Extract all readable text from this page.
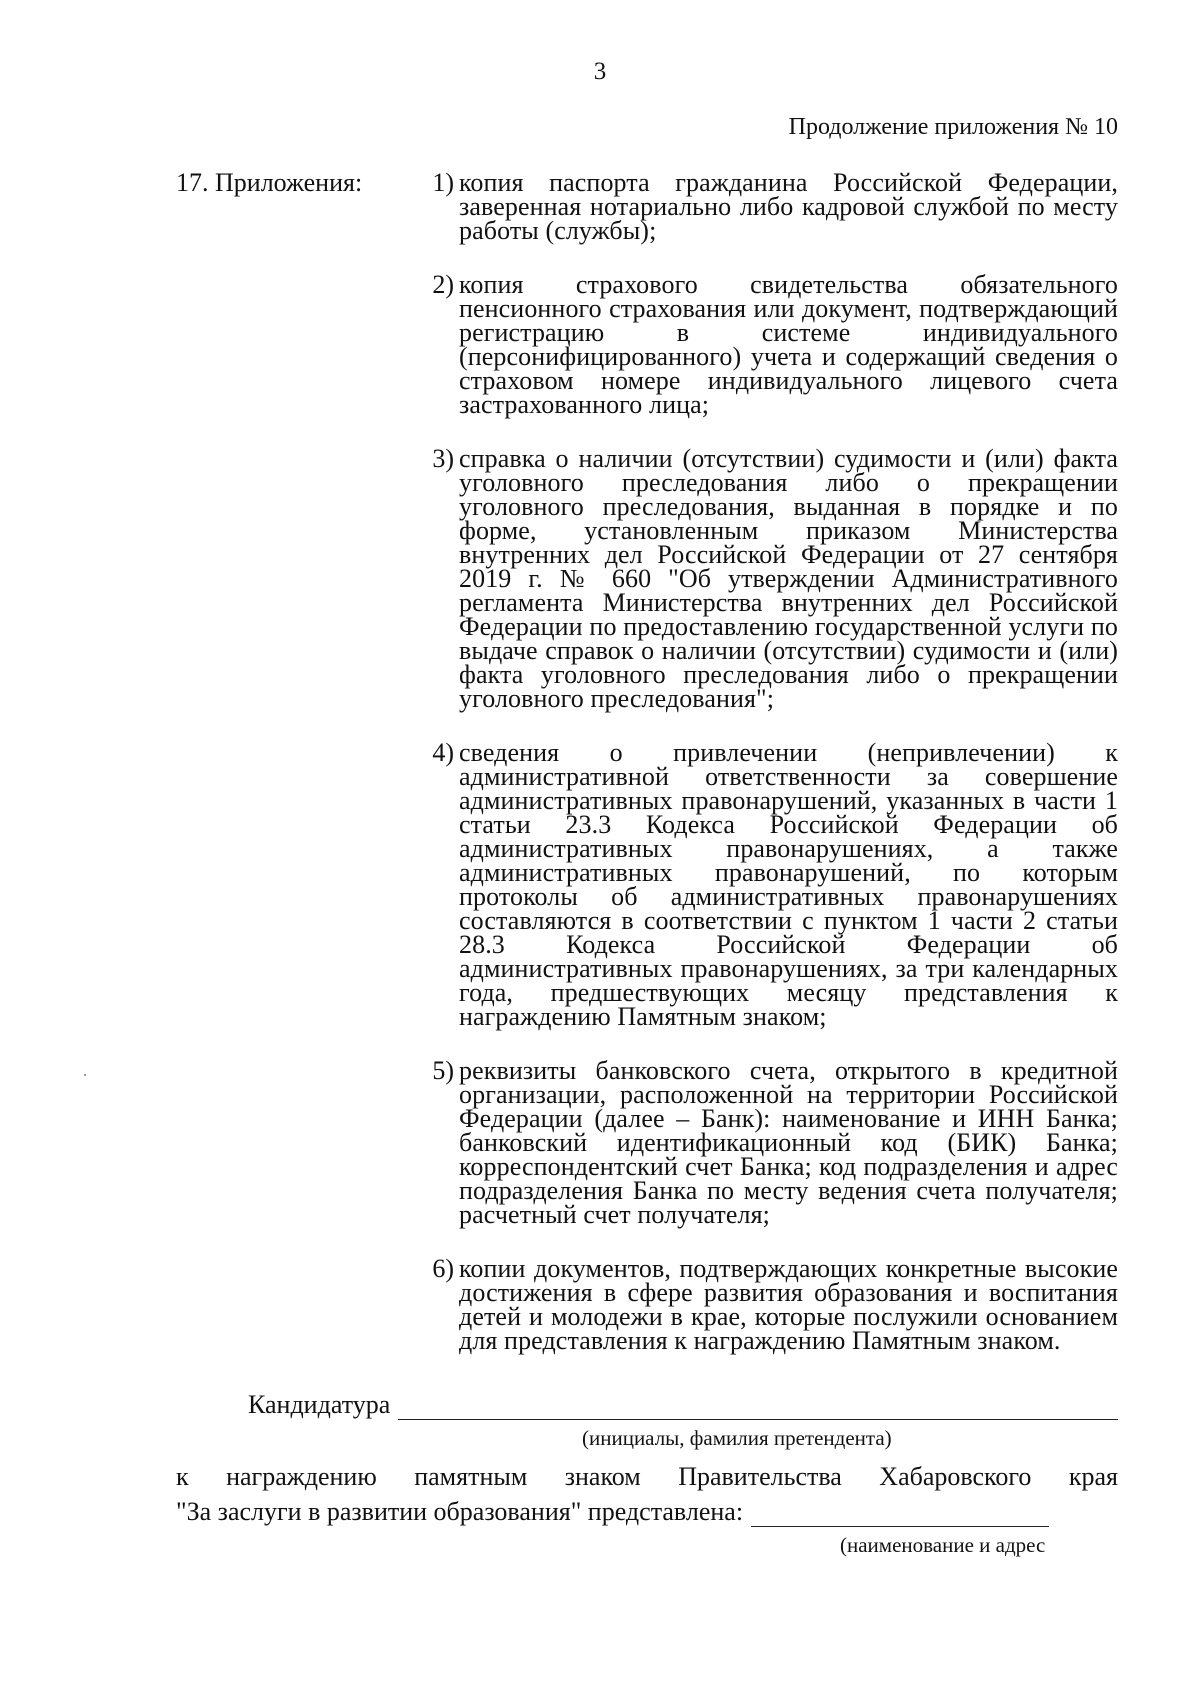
3
Продолжение приложения № 10
17. Приложения:	1) копия паспорта гражданина Российской Федерации, заверенная нотариально либо кадровой службой по месту работы (службы);
2) копия страхового свидетельства обязательного пенсионного страхования или документ, подтверждающий регистрацию в системе индивидуального (персонифицированного) учета и содержащий сведения о страховом номере индивидуального лицевого счета застрахованного лица;
3) справка о наличии (отсутствии) судимости и (или) факта уголовного преследования либо о прекращении уголовного преследования, выданная в порядке и по форме, установленным приказом Министерства внутренних дел Российской Федерации от 27 сентября 2019 г. № 660 "Об утверждении Административного регламента Министерства внутренних дел Российской Федерации по предоставлению государственной услуги по выдаче справок о наличии (отсутствии) судимости и (или) факта уголовного преследования либо о прекращении уголовного преследования";
4) сведения о привлечении (непривлечении) к административной ответственности за совершение административных правонарушений, указанных в части 1 статьи 23.3 Кодекса Российской Федерации об административных правонарушениях, а также административных правонарушений, по которым протоколы об административных правонарушениях составляются в соответствии с пунктом 1 части 2 статьи 28.3 Кодекса Российской Федерации об административных правонарушениях, за три календарных года, предшествующих месяцу представления к награждению Памятным знаком;
5) реквизиты банковского счета, открытого в кредитной организации, расположенной на территории Российской Федерации (далее – Банк): наименование и ИНН Банка; банковский идентификационный код (БИК) Банка; корреспондентский счет Банка; код подразделения и адрес подразделения Банка по месту ведения счета получателя; расчетный счет получателя;
6) копии документов, подтверждающих конкретные высокие достижения в сфере развития образования и воспитания детей и молодежи в крае, которые послужили основанием для представления к награждению Памятным знаком.
Кандидатура
(инициалы, фамилия претендента)
к награждению памятным знаком Правительства Хабаровского края
"За заслуги в развитии образования" представлена:
(наименование и адрес
